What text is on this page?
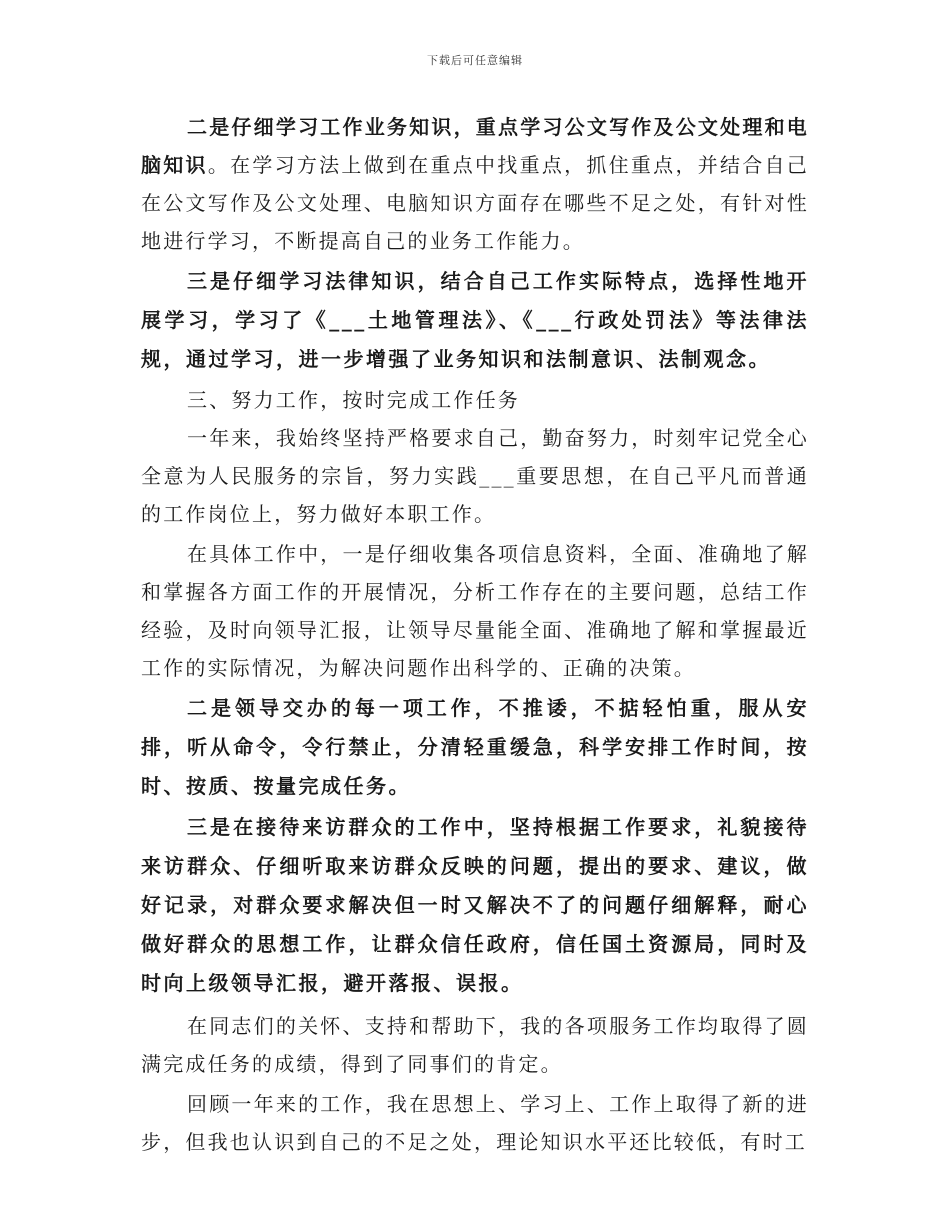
下载后可任意编辑

二是仔细学习工作业务知识，重点学习公文写作及公文处理和电脑知识。在学习方法上做到在重点中找重点，抓住重点，并结合自己在公文写作及公文处理、电脑知识方面存在哪些不足之处，有针对性地进行学习，不断提高自己的业务工作能力。

三是仔细学习法律知识，结合自己工作实际特点，选择性地开展学习，学习了《___土地管理法》、《___行政处罚法》等法律法规，通过学习，进一步增强了业务知识和法制意识、法制观念。

三、努力工作，按时完成工作任务

一年来，我始终坚持严格要求自己，勤奋努力，时刻牢记党全心全意为人民服务的宗旨，努力实践___重要思想，在自己平凡而普通的工作岗位上，努力做好本职工作。

在具体工作中，一是仔细收集各项信息资料，全面、准确地了解和掌握各方面工作的开展情况，分析工作存在的主要问题，总结工作经验，及时向领导汇报，让领导尽量能全面、准确地了解和掌握最近工作的实际情况，为解决问题作出科学的、正确的决策。

二是领导交办的每一项工作，不推诿，不掂轻怕重，服从安排，听从命令，令行禁止，分清轻重缓急，科学安排工作时间，按时、按质、按量完成任务。

三是在接待来访群众的工作中，坚持根据工作要求，礼貌接待来访群众、仔细听取来访群众反映的问题，提出的要求、建议，做好记录，对群众要求解决但一时又解决不了的问题仔细解释，耐心做好群众的思想工作，让群众信任政府，信任国土资源局，同时及时向上级领导汇报，避开落报、误报。

在同志们的关怀、支持和帮助下，我的各项服务工作均取得了圆满完成任务的成绩，得到了同事们的肯定。

回顾一年来的工作，我在思想上、学习上、工作上取得了新的进步，但我也认识到自己的不足之处，理论知识水平还比较低，有时工
